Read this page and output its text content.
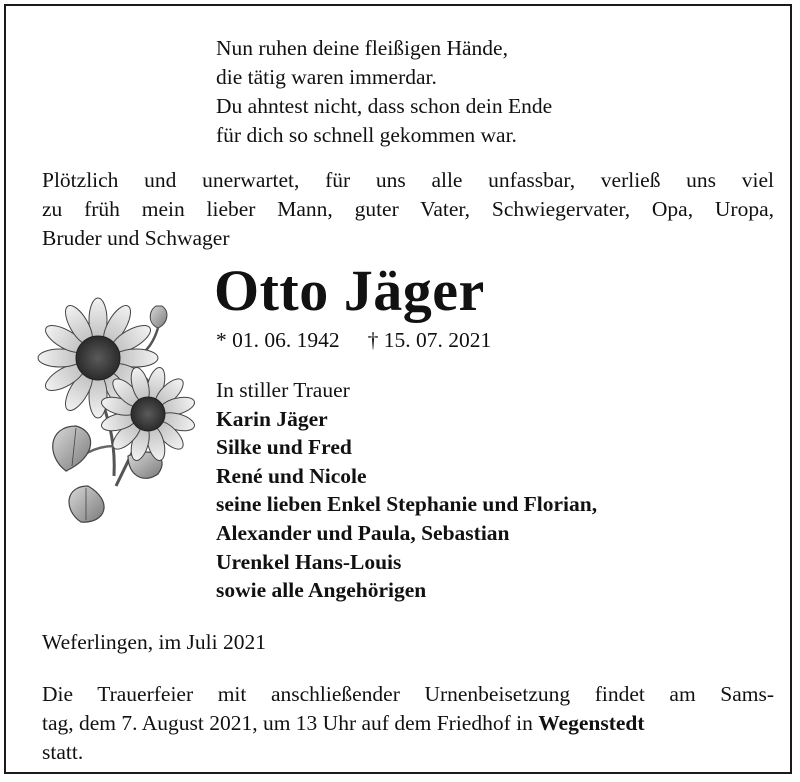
Nun ruhen deine fleißigen Hände,
die tätig waren immerdar.
Du ahntest nicht, dass schon dein Ende
für dich so schnell gekommen war.
Plötzlich und unerwartet, für uns alle unfassbar, verließ uns viel
zu früh mein lieber Mann, guter Vater, Schwiegervater, Opa, Uropa,
Bruder und Schwager
Otto Jäger
* 01. 06. 1942 † 15. 07. 2021
In stiller Trauer
Karin Jäger
Silke und Fred
René und Nicole
seine lieben Enkel Stephanie und Florian,
Alexander und Paula, Sebastian
Urenkel Hans-Louis
sowie alle Angehörigen
Weferlingen, im Juli 2021
Die Trauerfeier mit anschließender Urnenbeisetzung findet am Sams-
tag, dem 7. August 2021, um 13 Uhr auf dem Friedhof in Wegenstedt
statt.
